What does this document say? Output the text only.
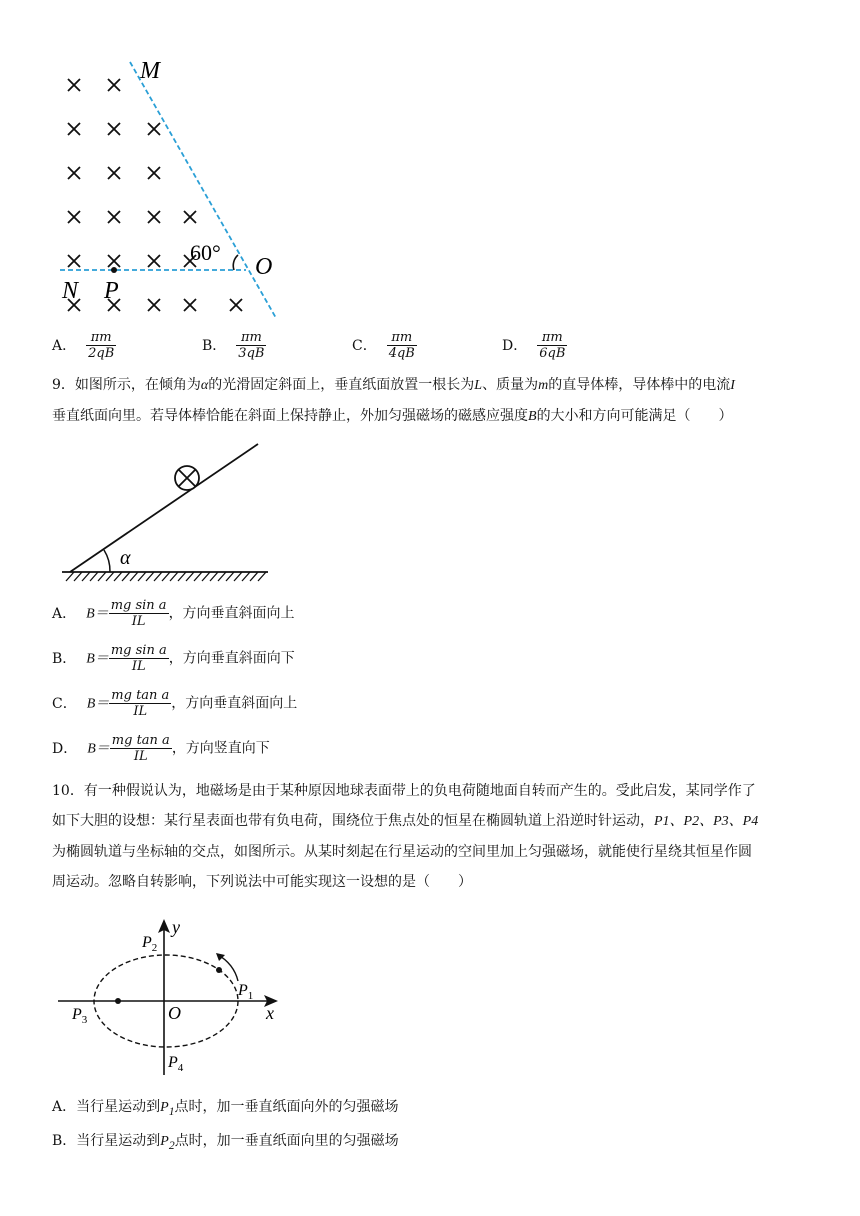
M
O
N P
60°
A． $\frac{\pi m}{2qB}$	B． $\frac{\pi m}{3qB}$	C． $\frac{\pi m}{4qB}$	D． $\frac{\pi m}{6qB}$
9．如图所示，在倾角为α的光滑固定斜面上，垂直纸面放置一根长为L、质量为m的直导体棒，导体棒中的电流I
垂直纸面向里。若导体棒恰能在斜面上保持静止，外加匀强磁场的磁感应强度B的大小和方向可能满足（　　）
α
A． $B= \frac{\text{mg sin a}}{IL}$ ，方向垂直斜面向上
B． $B= \frac{\text{mg sin a}}{IL}$ ，方向垂直斜面向下
C． $B= \frac{\text{mg tan a}}{IL}$ ，方向垂直斜面向上
D． $B= \frac{\text{mg tan a}}{IL}$ ，方向竖直向下
10．有一种假说认为，地磁场是由于某种原因地球表面带上的负电荷随地面自转而产生的。受此启发，某同学作了
如下大胆的设想：某行星表面也带有负电荷，围绕位于焦点处的恒星在椭圆轨道上沿逆时针运动，P1、P2、P3、P4
为椭圆轨道与坐标轴的交点，如图所示。从某时刻起在行星运动的空间里加上匀强磁场，就能使行星绕其恒星作圆
周运动。忽略自转影响，下列说法中可能实现这一设想的是（　　）
y
x
O
$P_2$
$P_1$
$P_3$
$P_4$
A．当行星运动到$P_1$点时，加一垂直纸面向外的匀强磁场
B．当行星运动到$P_2$点时，加一垂直纸面向里的匀强磁场
